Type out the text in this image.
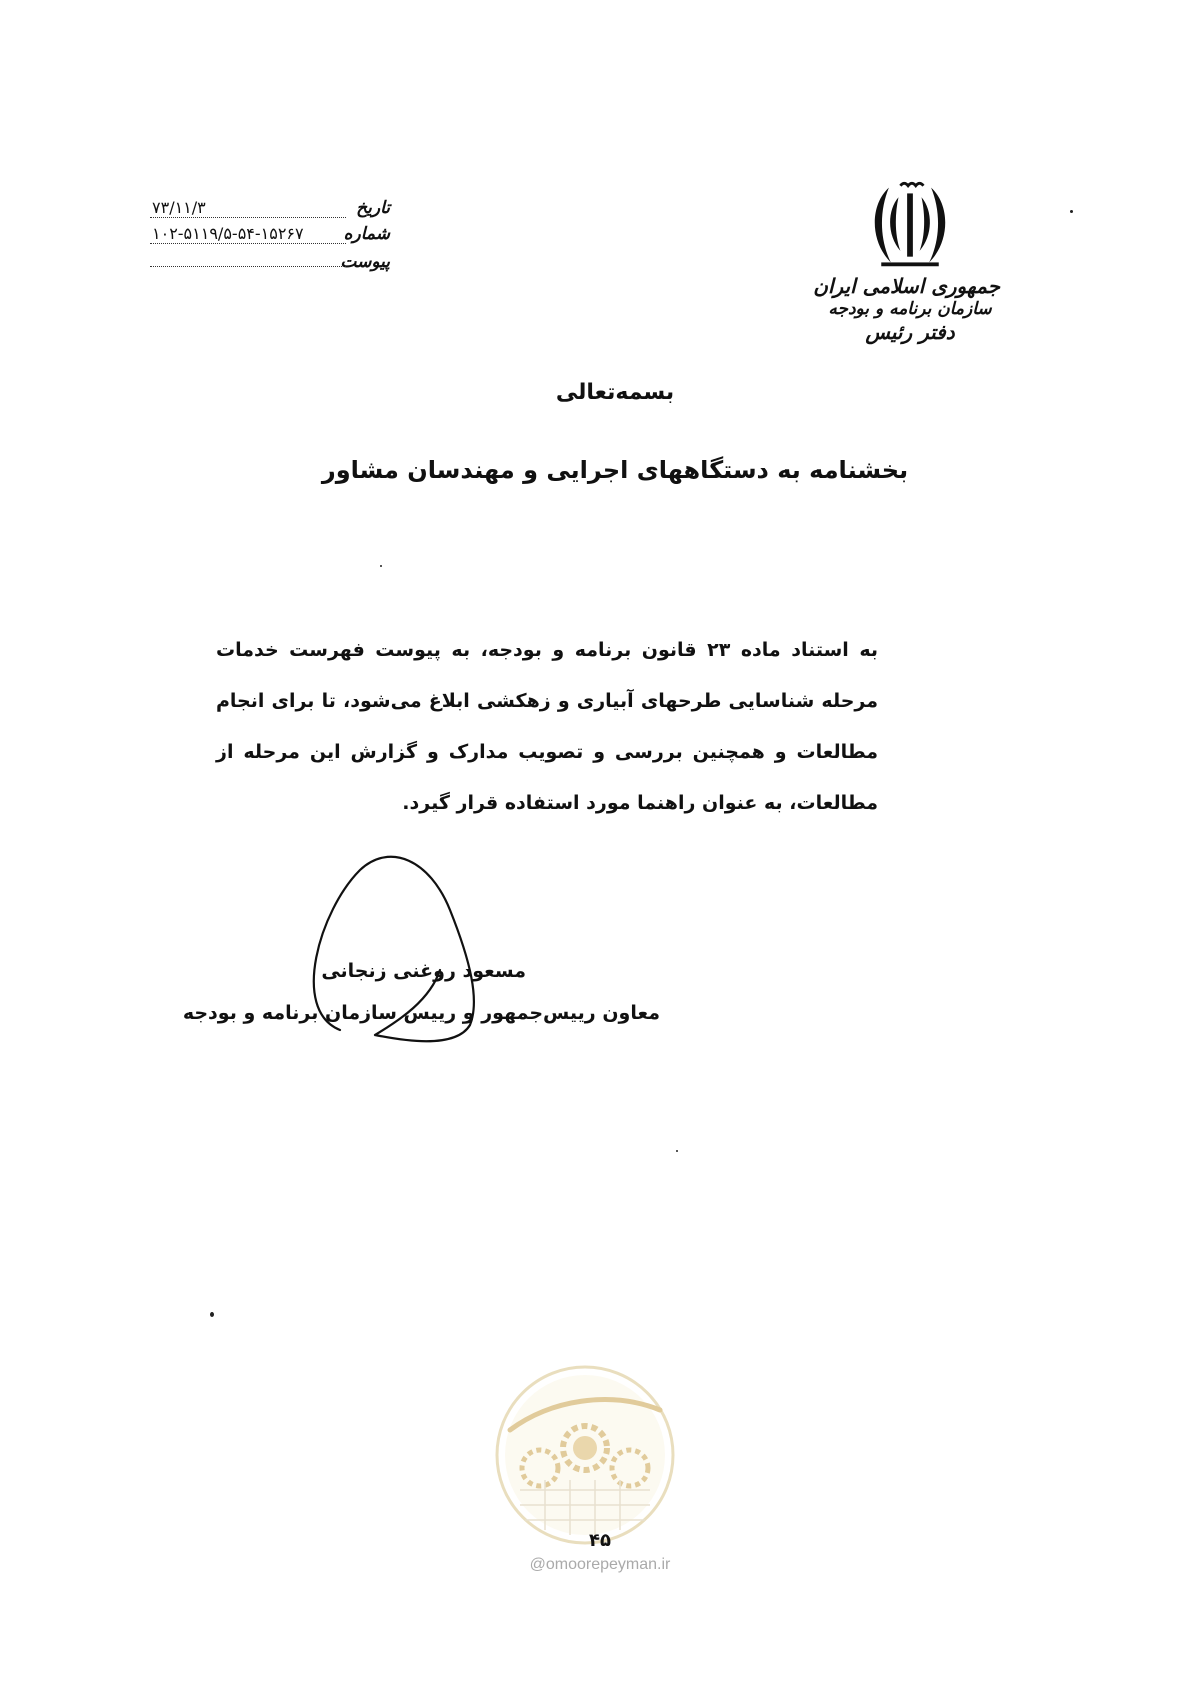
جمهوری اسلامی ایران
سازمان برنامه و بودجه
دفتر رئیس
تاریخ
۷۳/۱۱/۳
شماره
۱۰۲-۵۱۱۹/۵-۵۴-۱۵۲۶۷
پیوست
بسمه‌تعالی
بخشنامه به دستگاههای اجرایی و مهندسان مشاور
به استناد ماده ۲۳ قانون برنامه و بودجه، به پیوست فهرست خدمات مرحله شناسایی طرحهای آبیاری و زهکشی ابلاغ می‌شود، تا برای انجام مطالعات و همچنین بررسی و تصویب مدارک و گزارش این مرحله از مطالعات، به عنوان راهنما مورد استفاده قرار گیرد.
مسعود روغنی زنجانی
معاون رییس‌جمهور و رییس سازمان برنامه و بودجه
۴۵
@omoorepeyman.ir
